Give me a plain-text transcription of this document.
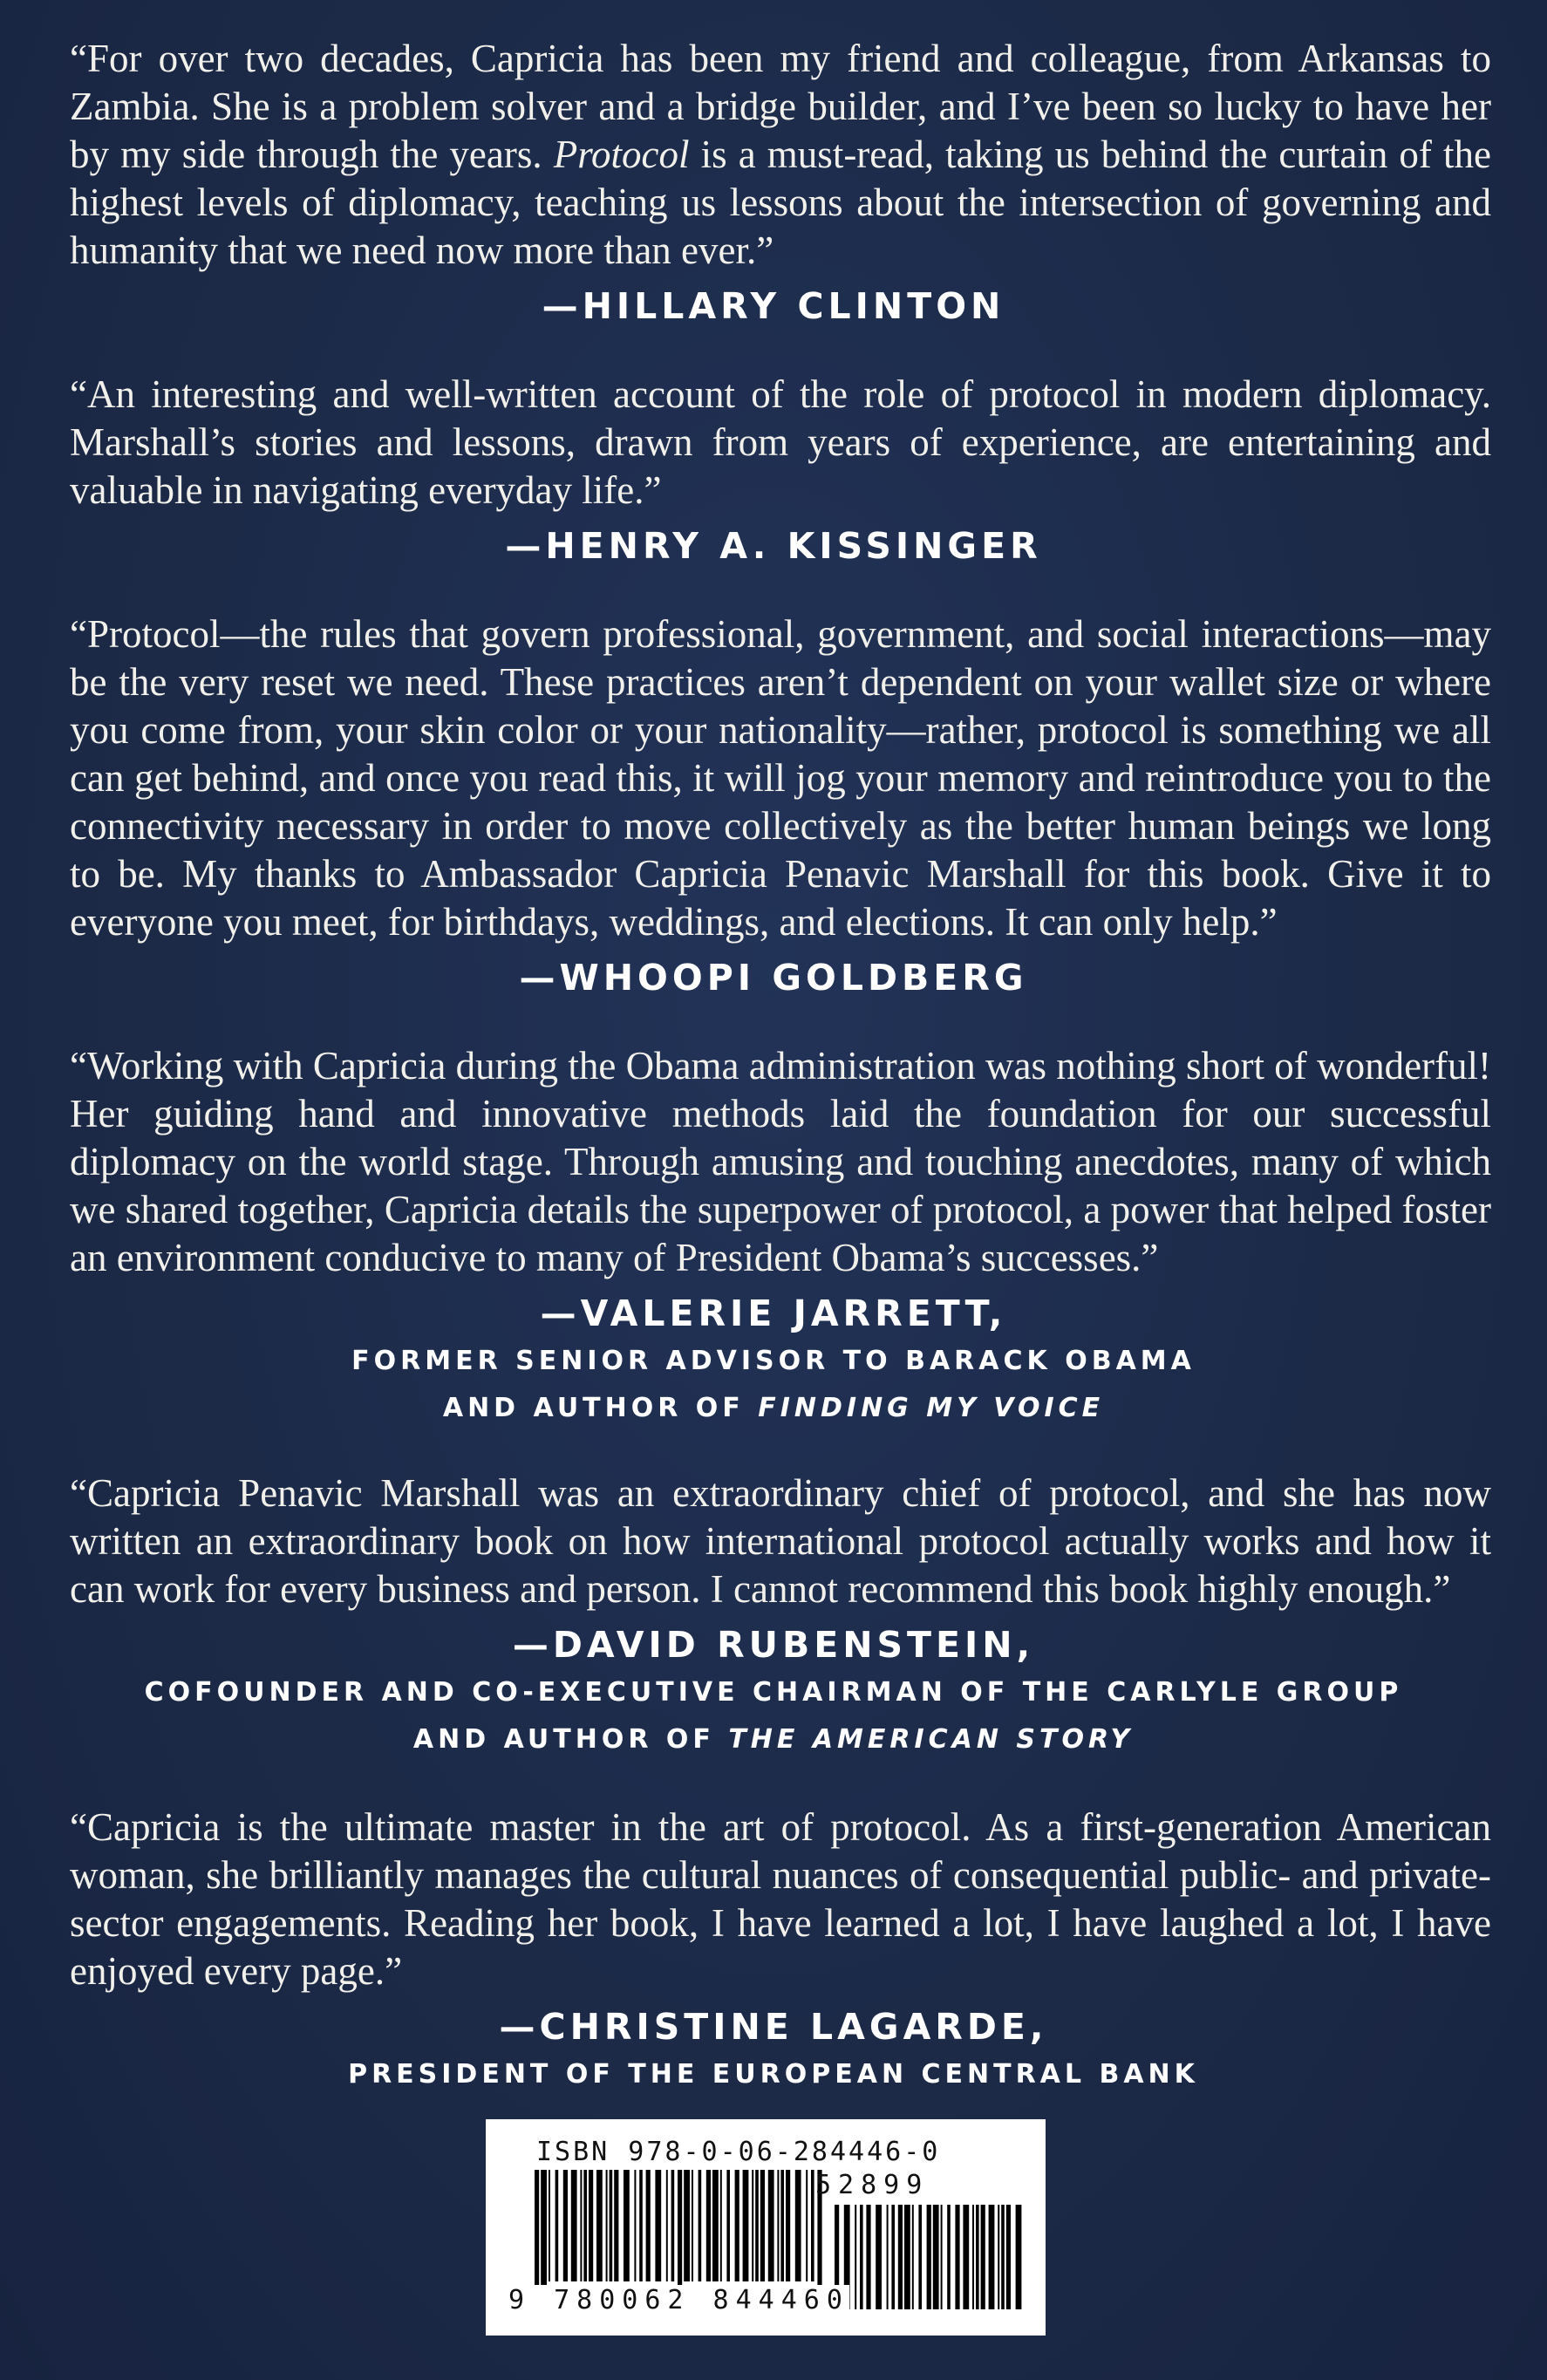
“For over two decades, Capricia has been my friend and colleague, from Arkansas to Zambia. She is a problem solver and a bridge builder, and I’ve been so lucky to have her by my side through the years. Protocol is a must-read, taking us behind the curtain of the highest levels of diplomacy, teaching us lessons about the intersection of governing and humanity that we need now more than ever.”

—HILLARY CLINTON

“An interesting and well-written account of the role of protocol in modern diplomacy. Marshall’s stories and lessons, drawn from years of experience, are entertaining and valuable in navigating everyday life.”

—HENRY A. KISSINGER

“Protocol—the rules that govern professional, government, and social interactions—may be the very reset we need. These practices aren’t dependent on your wallet size or where you come from, your skin color or your nationality—rather, protocol is something we all can get behind, and once you read this, it will jog your memory and reintroduce you to the connectivity necessary in order to move collectively as the better human beings we long to be. My thanks to Ambassador Capricia Penavic Marshall for this book. Give it to everyone you meet, for birthdays, weddings, and elections. It can only help.”

—WHOOPI GOLDBERG

“Working with Capricia during the Obama administration was nothing short of wonderful! Her guiding hand and innovative methods laid the foundation for our successful diplomacy on the world stage. Through amusing and touching anecdotes, many of which we shared together, Capricia details the superpower of protocol, a power that helped foster an environment conducive to many of President Obama’s successes.”

—VALERIE JARRETT,
FORMER SENIOR ADVISOR TO BARACK OBAMA
AND AUTHOR OF FINDING MY VOICE

“Capricia Penavic Marshall was an extraordinary chief of protocol, and she has now written an extraordinary book on how international protocol actually works and how it can work for every business and person. I cannot recommend this book highly enough.”

—DAVID RUBENSTEIN,
COFOUNDER AND CO-EXECUTIVE CHAIRMAN OF THE CARLYLE GROUP
AND AUTHOR OF THE AMERICAN STORY

“Capricia is the ultimate master in the art of protocol. As a first-generation American woman, she brilliantly manages the cultural nuances of consequential public- and private-sector engagements. Reading her book, I have learned a lot, I have laughed a lot, I have enjoyed every page.”

—CHRISTINE LAGARDE,
PRESIDENT OF THE EUROPEAN CENTRAL BANK
ISBN 978-0-06-284446-0
52899
9 780062 844460
